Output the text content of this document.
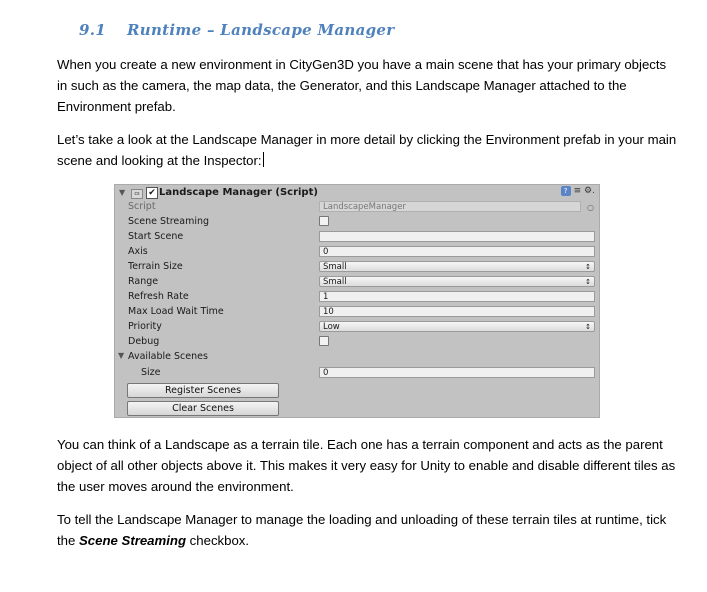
9.1 Runtime – Landscape Manager
When you create a new environment in CityGen3D you have a main scene that has your primary objects in such as the camera, the map data, the Generator, and this Landscape Manager attached to the Environment prefab.
Let’s take a look at the Landscape Manager in more detail by clicking the Environment prefab in your main scene and looking at the Inspector:
▼	cs ✔ Landscape Manager (Script)	? ≡ ⚙.
Script	LandscapeManager	○
Scene Streaming
Start Scene
Axis	0
Terrain Size	Small	↕
Range	Small	↕
Refresh Rate	1
Max Load Wait Time	10
Priority	Low	↕
Debug
▼ Available Scenes
Size	0
Register Scenes
Clear Scenes
You can think of a Landscape as a terrain tile. Each one has a terrain component and acts as the parent object of all other objects above it. This makes it very easy for Unity to enable and disable different tiles as the user moves around the environment.
To tell the Landscape Manager to manage the loading and unloading of these terrain tiles at runtime, tick the Scene Streaming checkbox.
